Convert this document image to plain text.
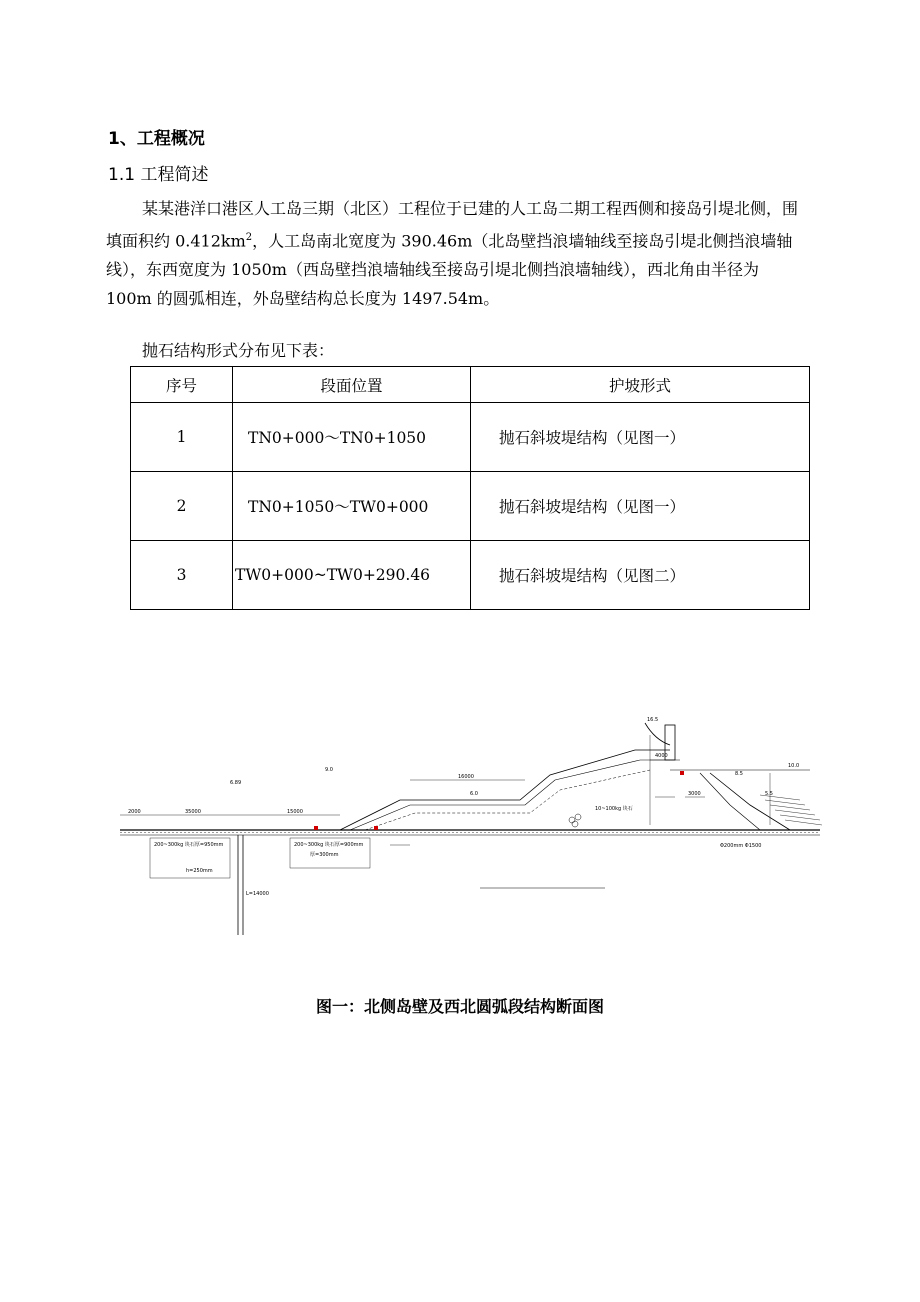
1、工程概况
1.1 工程简述

某某港洋口港区人工岛三期（北区）工程位于已建的人工岛二期工程西侧和接岛引堤北侧，围填面积约 $0.412km^2$，人工岛南北宽度为 390.46m（北岛壁挡浪墙轴线至接岛引堤北侧挡浪墙轴线），东西宽度为 1050m（西岛壁挡浪墙轴线至接岛引堤北侧挡浪墙轴线），西北角由半径为 100m 的圆弧相连，外岛壁结构总长度为 1497.54m。

抛石结构形式分布见下表：
序号	段面位置	护坡形式
1	TN0+000～TN0+1050	抛石斜坡堤结构（见图一）
2	TN0+1050～TW0+000	抛石斜坡堤结构（见图一）
3	TW0+000~TW0+290.46	抛石斜坡堤结构（见图二）
16.5
9.0
6.89
6.0
10.0
8.5
5.5
16000
35000	15000
2000
4000
3000
200~300kg 块石厚=950mm
h=250mm
200~300kg 块石厚=900mm
厚=300mm
L=14000
10~100kg 块石
Φ200mm Φ1500
图一：北侧岛壁及西北圆弧段结构断面图
